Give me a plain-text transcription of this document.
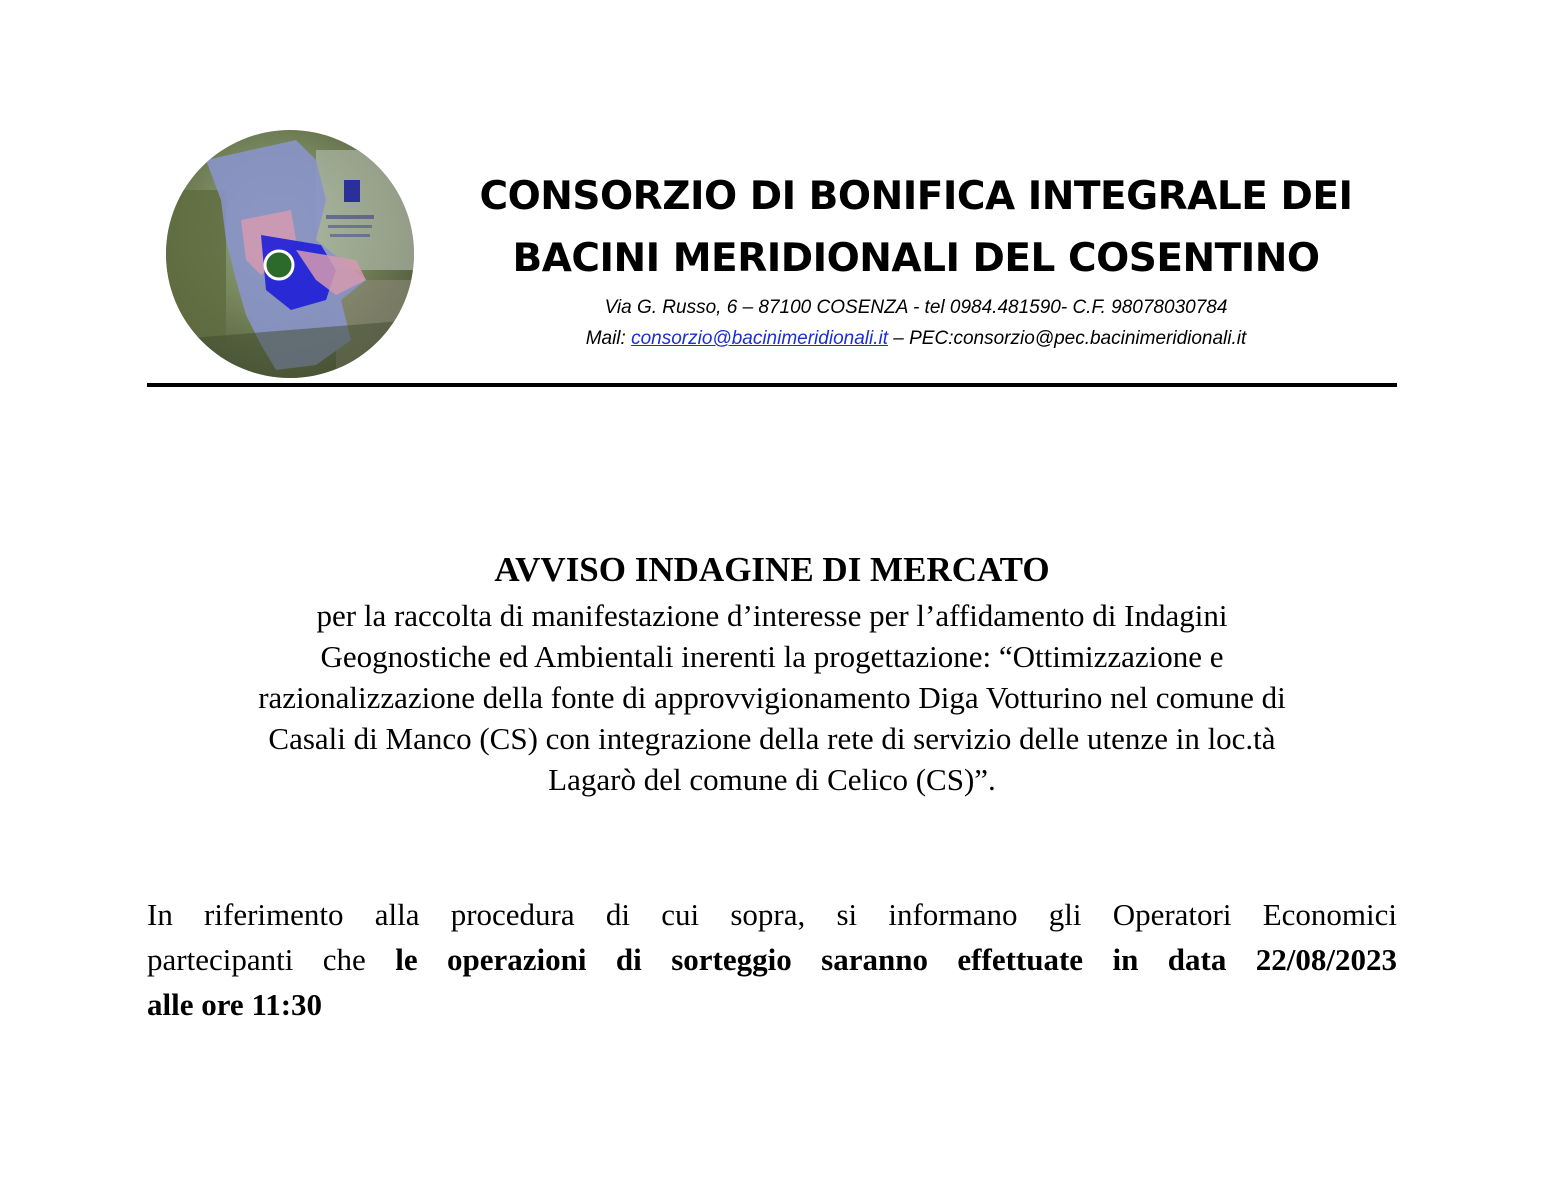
CONSORZIO DI BONIFICA INTEGRALE DEI
BACINI MERIDIONALI DEL COSENTINO
Via G. Russo, 6 – 87100 COSENZA - tel 0984.481590- C.F. 98078030784
Mail: consorzio@bacinimeridionali.it – PEC:consorzio@pec.bacinimeridionali.it
AVVISO INDAGINE DI MERCATO
per la raccolta di manifestazione d’interesse per l’affidamento di Indagini
Geognostiche ed Ambientali inerenti la progettazione: “Ottimizzazione e
razionalizzazione della fonte di approvvigionamento Diga Votturino nel comune di
Casali di Manco (CS) con integrazione della rete di servizio delle utenze in loc.tà
Lagarò del comune di Celico (CS)”.
In riferimento alla procedura di cui sopra, si informano gli Operatori Economici
partecipanti che le operazioni di sorteggio saranno effettuate in data 22/08/2023
alle ore 11:30
